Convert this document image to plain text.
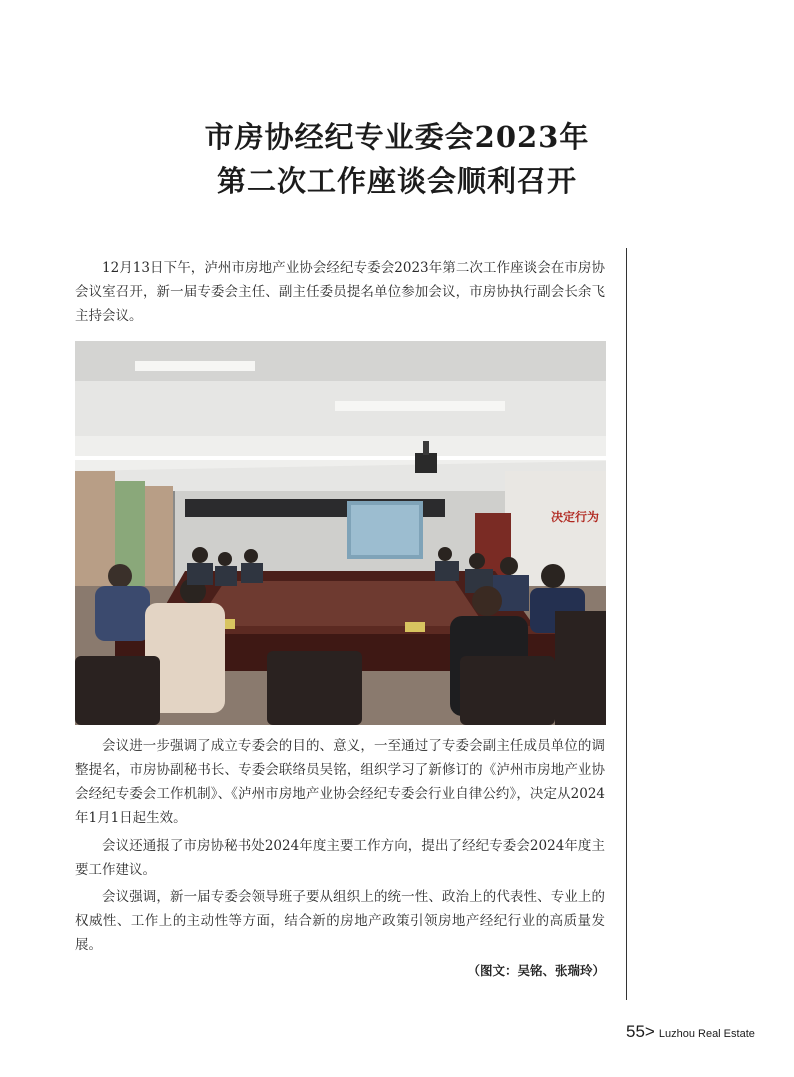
市房协经纪专业委会2023年
第二次工作座谈会顺利召开

12月13日下午，泸州市房地产业协会经纪专委会2023年第二次工作座谈会在市房协会议室召开，新一届专委会主任、副主任委员提名单位参加会议，市房协执行副会长余飞主持会议。

决定行为

会议进一步强调了成立专委会的目的、意义，一至通过了专委会副主任成员单位的调整提名，市房协副秘书长、专委会联络员吴铭，组织学习了新修订的《泸州市房地产业协会经纪专委会工作机制》、《泸州市房地产业协会经纪专委会行业自律公约》，决定从2024年1月1日起生效。

会议还通报了市房协秘书处2024年度主要工作方向，提出了经纪专委会2024年度主要工作建议。

会议强调，新一届专委会领导班子要从组织上的统一性、政治上的代表性、专业上的权威性、工作上的主动性等方面，结合新的房地产政策引领房地产经纪行业的高质量发展。

（图文：吴铭、张瑞玲）
55> Luzhou Real Estate
